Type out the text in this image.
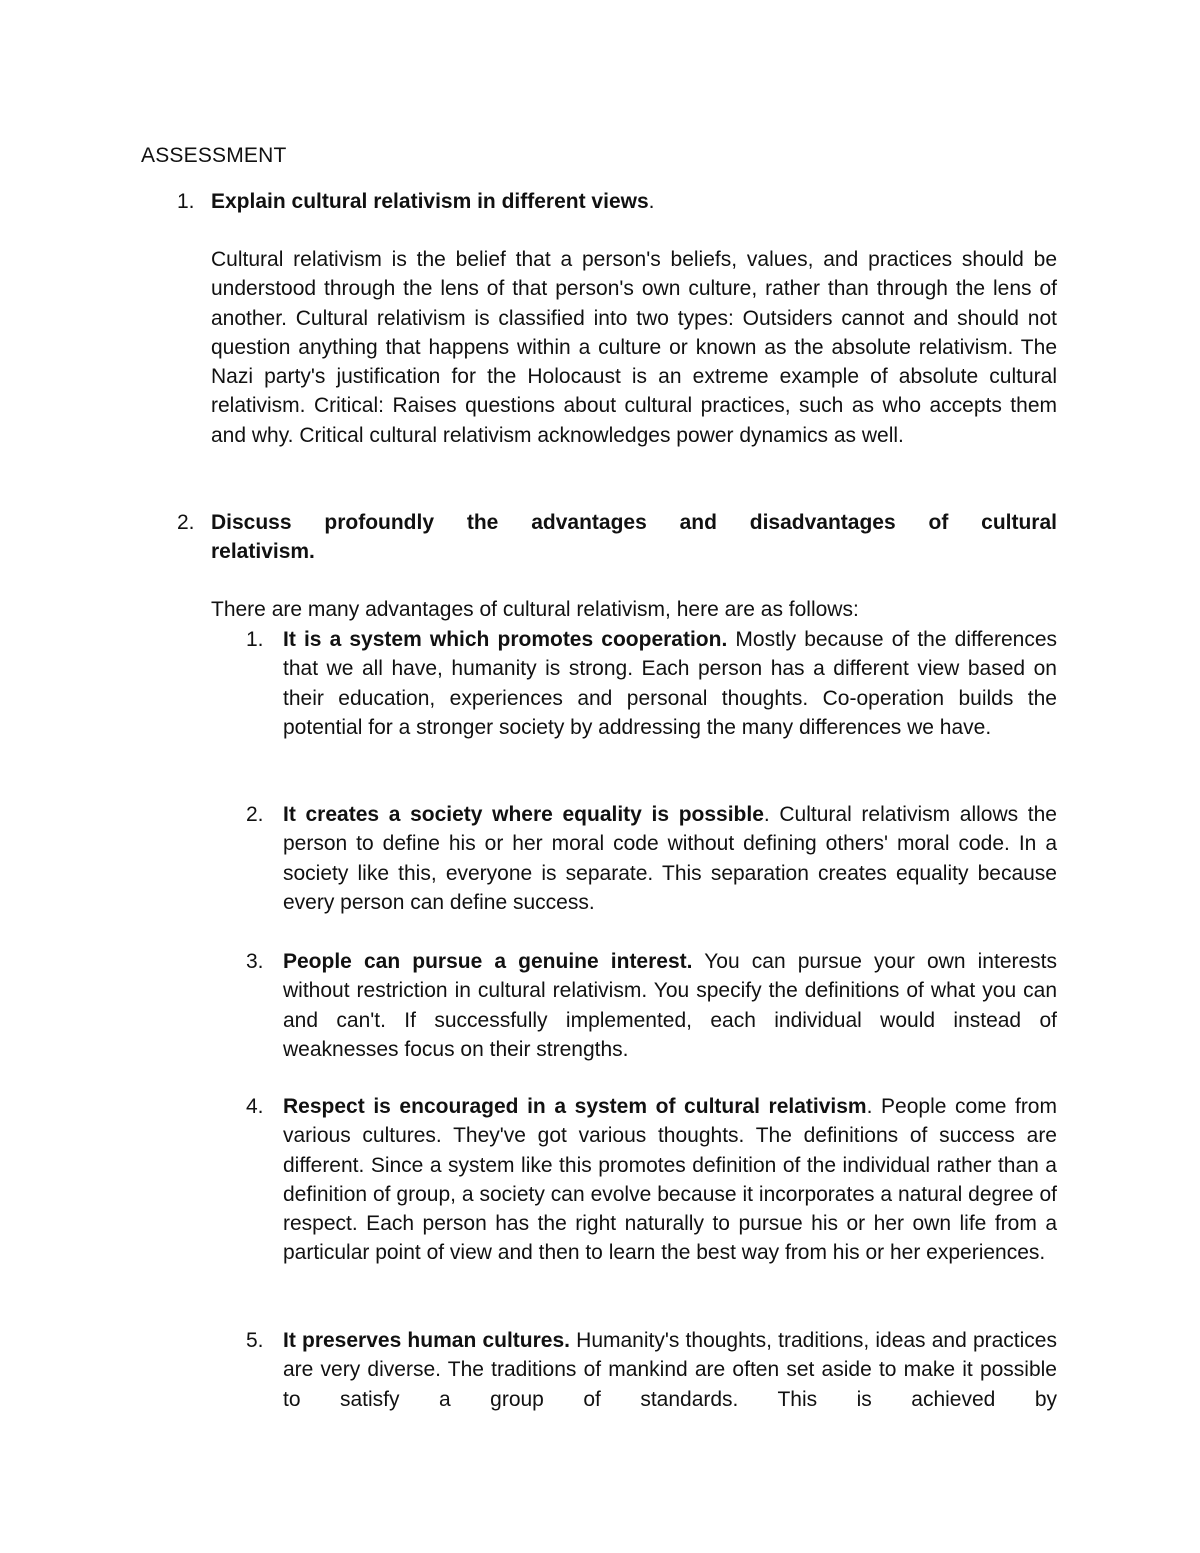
ASSESSMENT
1. Explain cultural relativism in different views.

Cultural relativism is the belief that a person's beliefs, values, and practices should be understood through the lens of that person's own culture, rather than through the lens of another. Cultural relativism is classified into two types: Outsiders cannot and should not question anything that happens within a culture or known as the absolute relativism. The Nazi party's justification for the Holocaust is an extreme example of absolute cultural relativism. Critical: Raises questions about cultural practices, such as who accepts them and why. Critical cultural relativism acknowledges power dynamics as well.

2. Discuss profoundly the advantages and disadvantages of cultural
relativism.

There are many advantages of cultural relativism, here are as follows:

1. It is a system which promotes cooperation. Mostly because of the differences that we all have, humanity is strong. Each person has a different view based on their education, experiences and personal thoughts. Co-operation builds the potential for a stronger society by addressing the many differences we have.

2. It creates a society where equality is possible. Cultural relativism allows the person to define his or her moral code without defining others' moral code. In a society like this, everyone is separate. This separation creates equality because every person can define success.

3. People can pursue a genuine interest. You can pursue your own interests without restriction in cultural relativism. You specify the definitions of what you can and can't. If successfully implemented, each individual would instead of weaknesses focus on their strengths.

4. Respect is encouraged in a system of cultural relativism. People come from various cultures. They've got various thoughts. The definitions of success are different. Since a system like this promotes definition of the individual rather than a definition of group, a society can evolve because it incorporates a natural degree of respect. Each person has the right naturally to pursue his or her own life from a particular point of view and then to learn the best way from his or her experiences.

5. It preserves human cultures. Humanity's thoughts, traditions, ideas and practices are very diverse. The traditions of mankind are often set aside to make it possible to satisfy a group of standards. This is achieved by
